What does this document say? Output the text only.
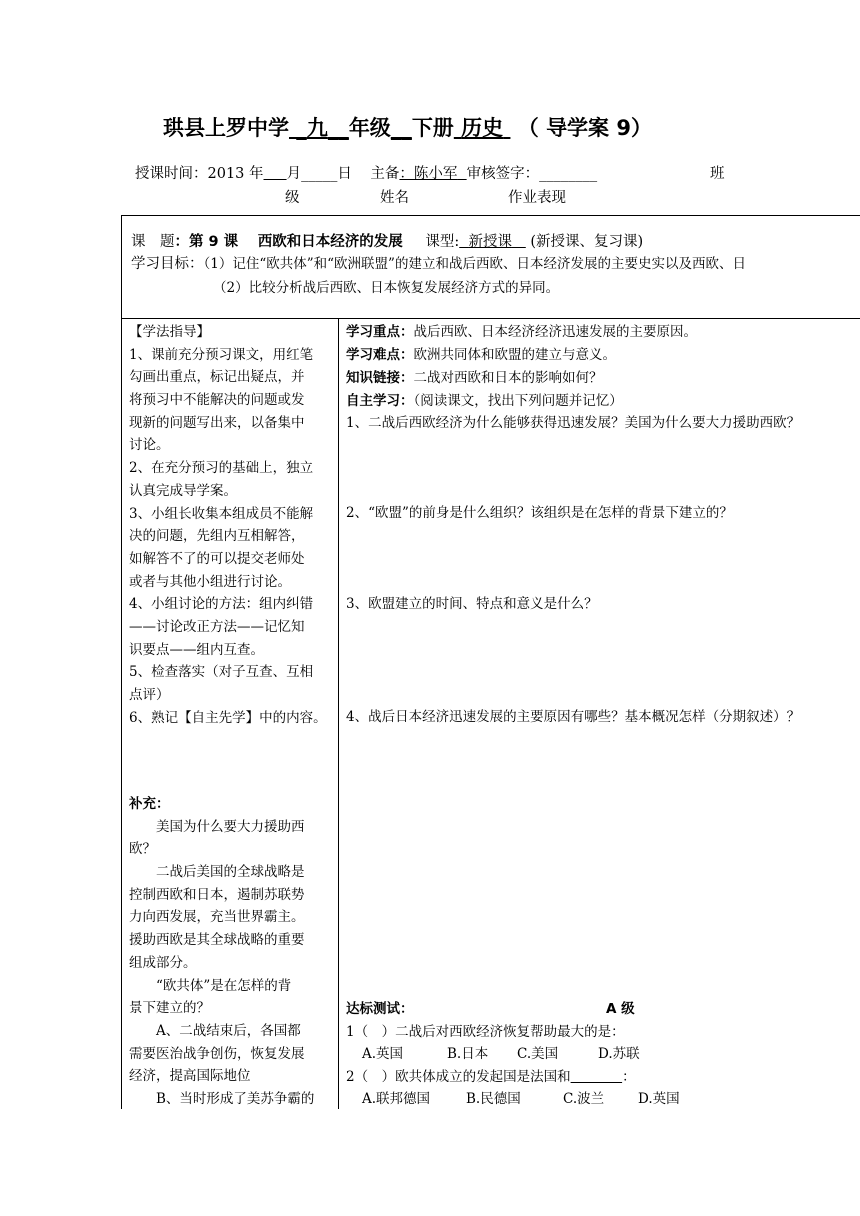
珙县上罗中学 _九__年级__下册 历史 （ 导学案 9）
授课时间：2013 年 月_____日 主备：陈小军 审核签字：________	班
级	姓名	作业表现
课　题：第 9 课　 西欧和日本经济的发展 课型: 新授课 (新授课、复习课)
学习目标：（1）记住“欧共体”和“欧洲联盟”的建立和战后西欧、日本经济发展的主要史实以及西欧、日
（2）比较分析战后西欧、日本恢复发展经济方式的异同。
【学法指导】
1、课前充分预习课文，用红笔
勾画出重点，标记出疑点，并
将预习中不能解决的问题或发
现新的问题写出来，以备集中
讨论。
2、在充分预习的基础上，独立
认真完成导学案。
3、小组长收集本组成员不能解
决的问题，先组内互相解答，
如解答不了的可以提交老师处
或者与其他小组进行讨论。
4、小组讨论的方法：组内纠错
——讨论改正方法——记忆知
识要点——组内互查。
5、检查落实（对子互查、互相
点评）
6、熟记【自主先学】中的内容。
补充：
美国为什么要大力援助西
欧？
二战后美国的全球战略是
控制西欧和日本，遏制苏联势
力向西发展，充当世界霸主。
援助西欧是其全球战略的重要
组成部分。
“欧共体”是在怎样的背
景下建立的？
A、二战结束后，各国都
需要医治战争创伤，恢复发展
经济，提高国际地位
B、当时形成了美苏争霸的
学习重点：战后西欧、日本经济经济迅速发展的主要原因。
学习难点：欧洲共同体和欧盟的建立与意义。
知识链接：二战对西欧和日本的影响如何？
自主学习：（阅读课文，找出下列问题并记忆）
1、二战后西欧经济为什么能够获得迅速发展？美国为什么要大力援助西欧？
2、“欧盟”的前身是什么组织？该组织是在怎样的背景下建立的？
3、欧盟建立的时间、特点和意义是什么？
4、战后日本经济迅速发展的主要原因有哪些？基本概况怎样（分期叙述）？
达标测试：	A 级
1（　）二战后对西欧经济恢复帮助最大的是：
A.英国	B.日本 C.美国	D.苏联
2（　）欧共体成立的发起国是法国和	：
A.联邦德国	B.民德国	C.波兰	D.英国
